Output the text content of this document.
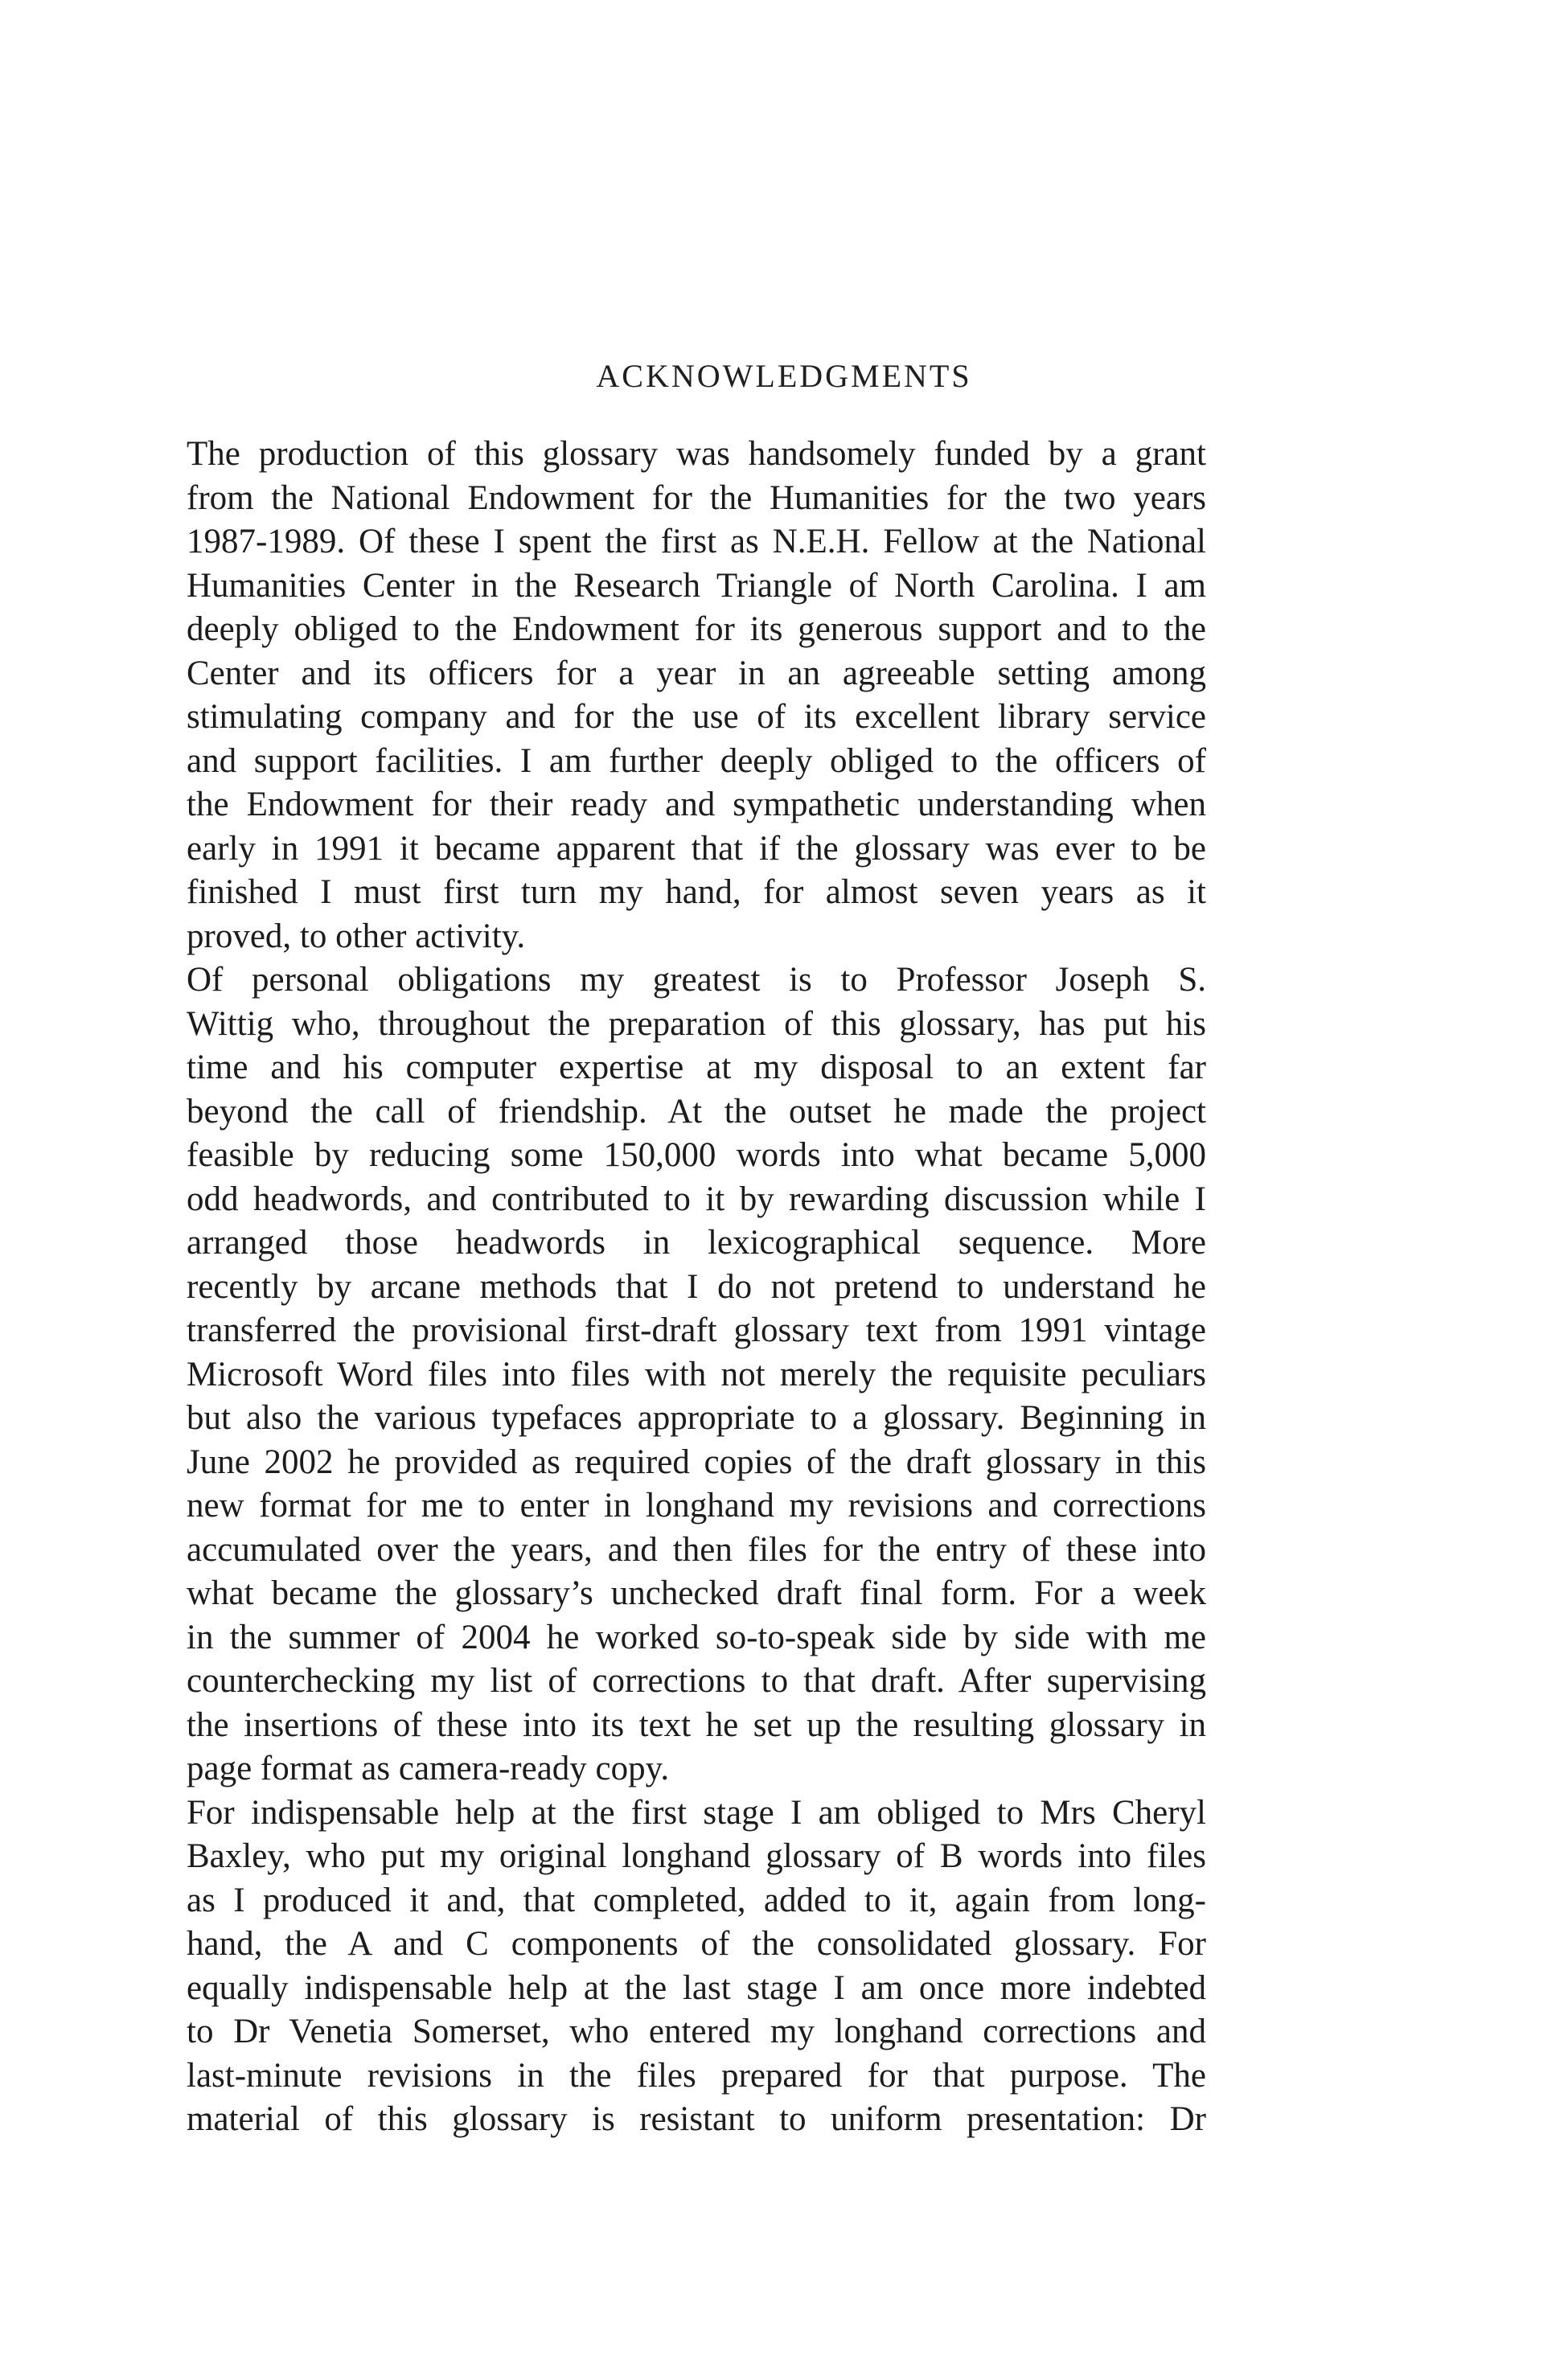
ACKNOWLEDGMENTS
The production of this glossary was handsomely funded by a grant
from the National Endowment for the Humanities for the two years
1987-1989. Of these I spent the first as N.E.H. Fellow at the National
Humanities Center in the Research Triangle of North Carolina. I am
deeply obliged to the Endowment for its generous support and to the
Center and its officers for a year in an agreeable setting among
stimulating company and for the use of its excellent library service
and support facilities. I am further deeply obliged to the officers of
the Endowment for their ready and sympathetic understanding when
early in 1991 it became apparent that if the glossary was ever to be
finished I must first turn my hand, for almost seven years as it
proved, to other activity.
Of personal obligations my greatest is to Professor Joseph S.
Wittig who, throughout the preparation of this glossary, has put his
time and his computer expertise at my disposal to an extent far
beyond the call of friendship. At the outset he made the project
feasible by reducing some 150,000 words into what became 5,000
odd headwords, and contributed to it by rewarding discussion while I
arranged those headwords in lexicographical sequence. More
recently by arcane methods that I do not pretend to understand he
transferred the provisional first-draft glossary text from 1991 vintage
Microsoft Word files into files with not merely the requisite peculiars
but also the various typefaces appropriate to a glossary. Beginning in
June 2002 he provided as required copies of the draft glossary in this
new format for me to enter in longhand my revisions and corrections
accumulated over the years, and then files for the entry of these into
what became the glossary’s unchecked draft final form. For a week
in the summer of 2004 he worked so-to-speak side by side with me
counterchecking my list of corrections to that draft. After supervising
the insertions of these into its text he set up the resulting glossary in
page format as camera-ready copy.
For indispensable help at the first stage I am obliged to Mrs Cheryl
Baxley, who put my original longhand glossary of B words into files
as I produced it and, that completed, added to it, again from long-
hand, the A and C components of the consolidated glossary. For
equally indispensable help at the last stage I am once more indebted
to Dr Venetia Somerset, who entered my longhand corrections and
last-minute revisions in the files prepared for that purpose. The
material of this glossary is resistant to uniform presentation: Dr
